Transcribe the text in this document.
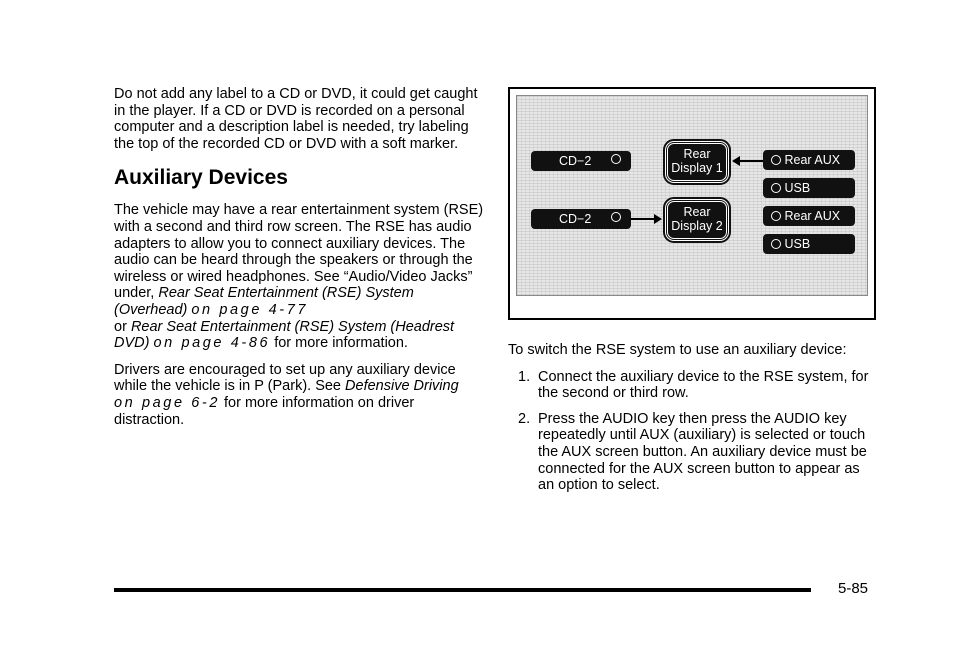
Do not add any label to a CD or DVD, it could get caught in the player. If a CD or DVD is recorded on a personal computer and a description label is needed, try labeling the top of the recorded CD or DVD with a soft marker.

Auxiliary Devices

The vehicle may have a rear entertainment system (RSE) with a second and third row screen. The RSE has audio adapters to allow you to connect auxiliary devices. The audio can be heard through the speakers or through the wireless or wired headphones. See “Audio/Video Jacks” under, Rear Seat Entertainment (RSE) System (Overhead) on page 4-77
or Rear Seat Entertainment (RSE) System (Headrest DVD) on page 4-86 for more information.

Drivers are encouraged to set up any auxiliary device while the vehicle is in P (Park). See Defensive Driving
on page 6-2 for more information on driver distraction.

CD−2
CD−2
Rear
Display 1
Rear
Display 2
Rear AUX
USB
Rear AUX
USB

To switch the RSE system to use an auxiliary device:

1. Connect the auxiliary device to the RSE system, for the second or third row.
2. Press the AUDIO key then press the AUDIO key repeatedly until AUX (auxiliary) is selected or touch the AUX screen button. An auxiliary device must be connected for the AUX screen button to appear as an option to select.
5-85
